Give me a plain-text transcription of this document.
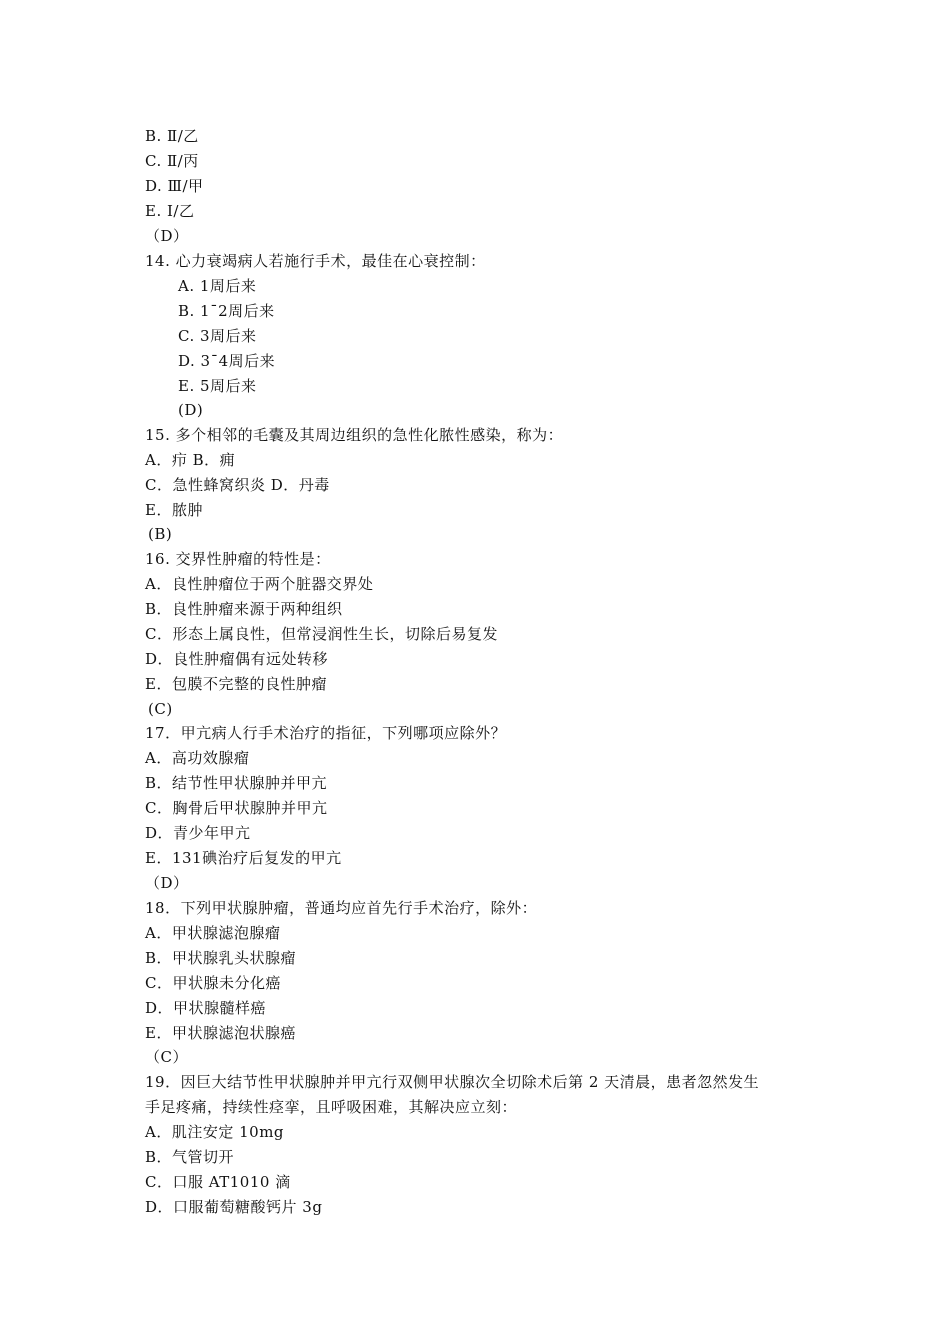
B. Ⅱ/乙
C. Ⅱ/丙
D. Ⅲ/甲
E. Ⅰ/乙
（D）
14. 心力衰竭病人若施行手术，最佳在心衰控制：
A. 1周后来
B. 1¯2周后来
C. 3周后来
D. 3¯4周后来
E. 5周后来
(D)
15. 多个相邻的毛囊及其周边组织的急性化脓性感染，称为：
A．疖 B．痈
C．急性蜂窝织炎 D．丹毒
E．脓肿
(B)
16. 交界性肿瘤的特性是：
A．良性肿瘤位于两个脏器交界处
B．良性肿瘤来源于两种组织
C．形态上属良性，但常浸润性生长，切除后易复发
D．良性肿瘤偶有远处转移
E．包膜不完整的良性肿瘤
(C)
17．甲亢病人行手术治疗的指征，下列哪项应除外？
A．高功效腺瘤
B．结节性甲状腺肿并甲亢
C．胸骨后甲状腺肿并甲亢
D．青少年甲亢
E．131碘治疗后复发的甲亢
（D）
18．下列甲状腺肿瘤，普通均应首先行手术治疗，除外：
A．甲状腺滤泡腺瘤
B．甲状腺乳头状腺瘤
C．甲状腺未分化癌
D．甲状腺髓样癌
E．甲状腺滤泡状腺癌
（C）
19．因巨大结节性甲状腺肿并甲亢行双侧甲状腺次全切除术后第 2 天清晨，患者忽然发生
手足疼痛，持续性痉挛，且呼吸困难，其解决应立刻：
A．肌注安定 10mg
B．气管切开
C．口服 AT1010 滴
D．口服葡萄糖酸钙片 3g
